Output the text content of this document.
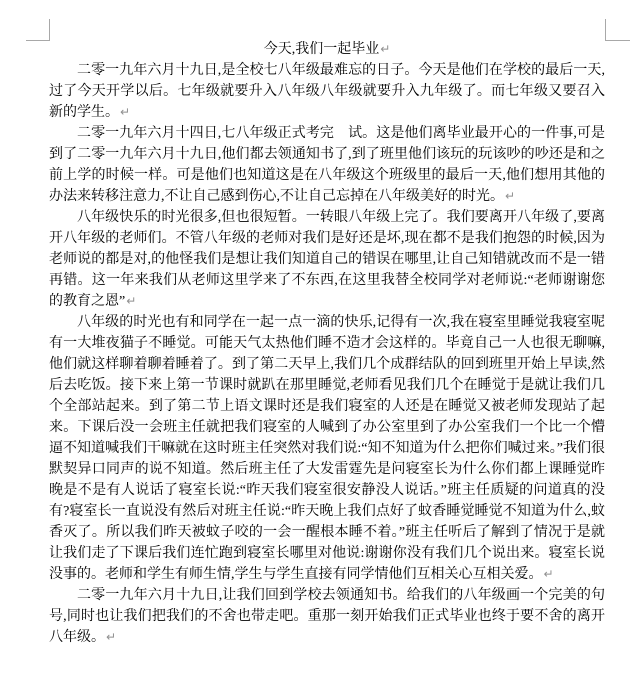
今天,我们一起毕业↵

二零一九年六月十九日,是全校七八年级最难忘的日子。今天是他们在学校的最后一天,过了今天开学以后。七年级就要升入八年级八年级就要升入九年级了。而七年级又要召入新的学生。↵

二零一九年六月十四日,七八年级正式考完　试。这是他们离毕业最开心的一件事,可是到了二零一九年六月十九日,他们都去领通知书了,到了班里他们该玩的玩该吵的吵还是和之前上学的时候一样。可是他们也知道这是在八年级这个班级里的最后一天,他们想用其他的办法来转移注意力,不让自己感到伤心,不让自己忘掉在八年级美好的时光。↵

八年级快乐的时光很多,但也很短暂。一转眼八年级上完了。我们要离开八年级了,要离开八年级的老师们。不管八年级的老师对我们是好还是坏,现在都不是我们抱怨的时候,因为老师说的都是对,的他怪我们是想让我们知道自己的错误在哪里,让自己知错就改而不是一错再错。这一年来我们从老师这里学来了不东西,在这里我替全校同学对老师说:“老师谢谢您的教育之恩”↵

八年级的时光也有和同学在一起一点一滴的快乐,记得有一次,我在寝室里睡觉我寝室呢有一大堆夜猫子不睡觉。可能天气太热他们睡不造才会这样的。毕竟自己一人也很无聊嘛,他们就这样聊着聊着睡着了。到了第二天早上,我们几个成群结队的回到班里开始上早读,然后去吃饭。接下来上第一节课时就趴在那里睡觉,老师看见我们几个在睡觉于是就让我们几个全部站起来。到了第二节上语文课时还是我们寝室的人还是在睡觉又被老师发现站了起来。下课后没一会班主任就把我们寝室的人喊到了办公室里到了办公室我们一个比一个懵逼不知道喊我们干嘛就在这时班主任突然对我们说:“知不知道为什么把你们喊过来。”我们很默契异口同声的说不知道。然后班主任了大发雷霆先是问寝室长为什么你们都上课睡觉昨晚是不是有人说话了寝室长说:“昨天我们寝室很安静没人说话。”班主任质疑的问道真的没有?寝室长一直说没有然后对班主任说:“昨天晚上我们点好了蚊香睡觉睡觉不知道为什么,蚊香灭了。所以我们昨天被蚊子咬的一会一醒根本睡不着。”班主任听后了解到了情况于是就让我们走了下课后我们连忙跑到寝室长哪里对他说:谢谢你没有我们几个说出来。寝室长说没事的。老师和学生有师生情,学生与学生直接有同学情他们互相关心互相关爱。↵

二零一九年六月十九日,让我们回到学校去领通知书。给我们的八年级画一个完美的句号,同时也让我们把我们的不舍也带走吧。重那一刻开始我们正式毕业也终于要不舍的离开八年级。↵
